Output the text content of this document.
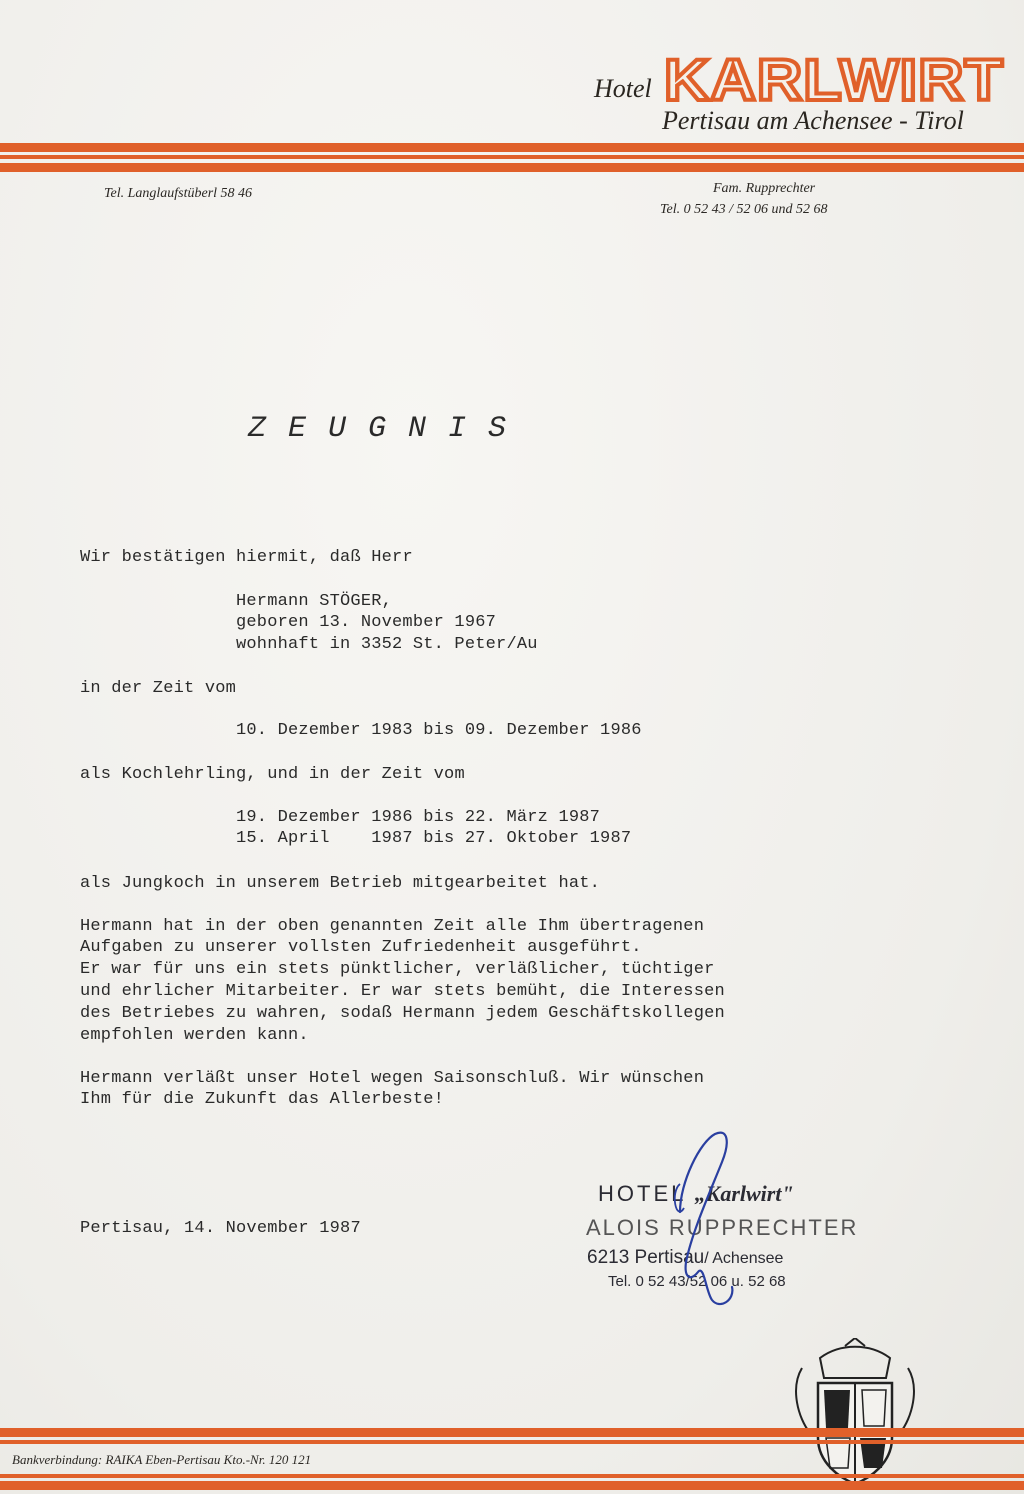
Hotel KARLWIRT
Pertisau am Achensee - Tirol
Tel. Langlaufstüberl 58 46	Fam. Rupprechter
Tel. 0 52 43 / 52 06 und 52 68
ZEUGNIS
Wir bestätigen hiermit, daß Herr
Hermann STÖGER,
geboren 13. November 1967
wohnhaft in 3352 St. Peter/Au
in der Zeit vom
10. Dezember 1983 bis 09. Dezember 1986
als Kochlehrling, und in der Zeit vom
19. Dezember 1986 bis 22. März 1987
15. April    1987 bis 27. Oktober 1987
als Jungkoch in unserem Betrieb mitgearbeitet hat.
Hermann hat in der oben genannten Zeit alle Ihm übertragenen
Aufgaben zu unserer vollsten Zufriedenheit ausgeführt.
Er war für uns ein stets pünktlicher, verläßlicher, tüchtiger
und ehrlicher Mitarbeiter. Er war stets bemüht, die Interessen
des Betriebes zu wahren, sodaß Hermann jedem Geschäftskollegen
empfohlen werden kann.
Hermann verläßt unser Hotel wegen Saisonschluß. Wir wünschen
Ihm für die Zukunft das Allerbeste!
Pertisau, 14. November 1987
HOTEL „Karlwirt"
ALOIS RUPPRECHTER
6213 Pertisau/ Achensee
Tel. 0 52 43/52 06 u. 52 68
Bankverbindung: RAIKA Eben-Pertisau Kto.-Nr. 120 121
